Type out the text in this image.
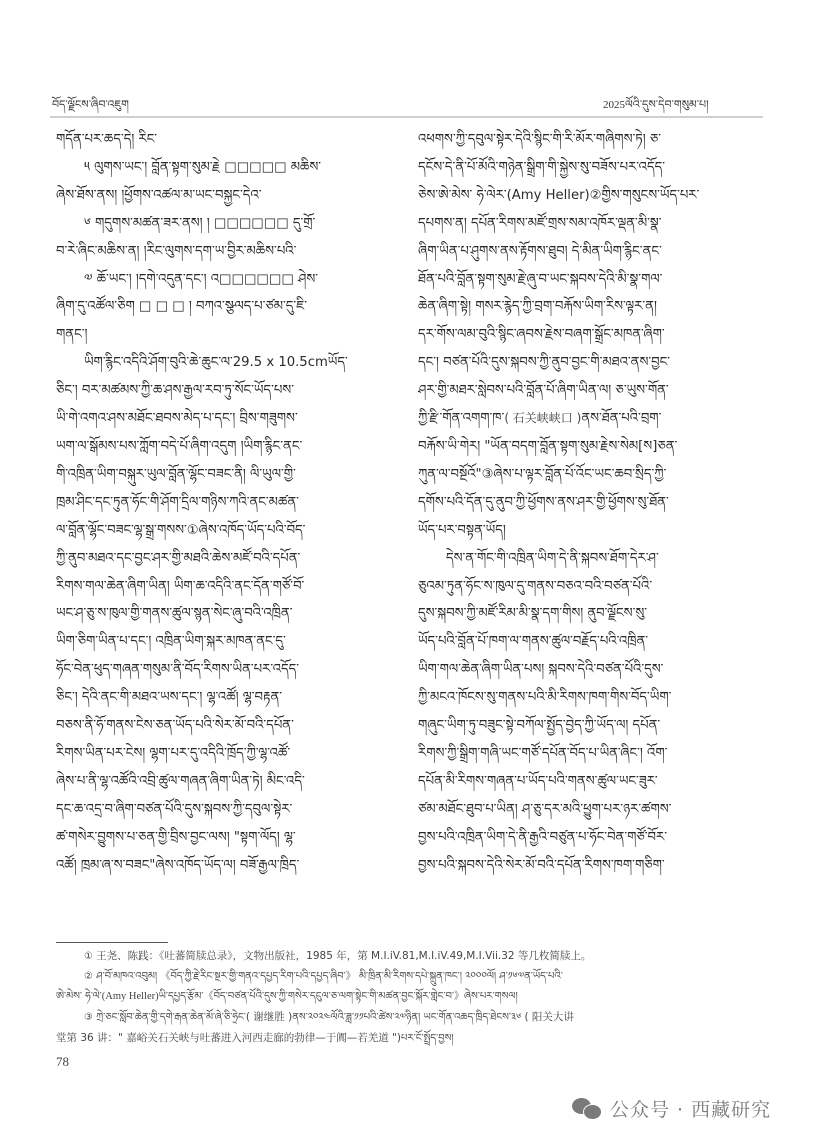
བོད་ལྗོངས་ཞིབ་འཇུག	2025ལོའི་དུས་དེབ་གསུམ་པ།
གདོན་པར་ཆད་དེ། རིང་
༥ ལུགས་ཡང་། བློན་སྟག་སུམ་རྗེ □□□□□ མཆིས་
ཞེས་ཐོས་ནས། །ཕྱོགས་འཚལ་མ་ཡང་བསྐྱང་དེའ་
༦ གདུགས་མཚན་ཟར་ནས། ། □□□□□□ དུ་གྲོ་
བ་རེ་ཞིང་མཆིས་ན། །རིང་ལུགས་དག་ཡ་བྱིར་མཆིས་པའི་
༧ ཆོ་ཡང་། །དགེ་འདུན་དང་། འ□□□□□□ ཤེས་
ཞིག་དུ་འཚོལ་ཅིག □ □ □ ། བཀའ་སྩལད་པ་ཙམ་དུ་ཇི་
གནང་།
ཡིག་རྙིང་འདིའི་ཤོག་བུའི་ཆེ་ཆུང་ལ་29.5 x 10.5cmཡོད་
ཅིང་། བར་མཚམས་ཀྱི་ཆ་ཤས་རྒྱལ་རབ་ཏུ་སོང་ཡོད་པས་
ཡི་གེ་འགའ་ཤས་མཐོང་ཐབས་མེད་པ་དང་། བྲིས་གཟུགས་
ཡག་ལ་སྒོམས་པས་ཀློག་བདེ་པོ་ཞིག་འདུག །ཡིག་རྙིང་ནང་
གི་འཁྲིན་ཡིག་བསྐུར་ཡུལ་བློན་ལྷོང་བཟང་ནི། ལི་ཡུལ་གྱི་
ཁྲམ་ཤིང་དང་ཏུན་ཧོང་གི་ཤོག་དྲིལ་གཉིས་ཀའི་ནང་མཚན་
ལ་བློན་ལྷོང་བཟང་ལྷ་སྒྲ་གསས་①ཞེས་འཁོད་ཡོད་པའི་བོད་
ཀྱི་ནུབ་མཐའ་དང་བྱང་ཤར་གྱི་མཐའི་ཆེས་མཛོ་བའི་དཔོན་
རིགས་གལ་ཆེན་ཞིག་ཡིན། ཡིག་ཆ་འདིའི་ནང་དོན་གཙོ་བོ་
ཡང་ཤ་ཅུ་ས་ཁུལ་གྱི་གནས་ཚུལ་སྙན་སེང་ཞུ་བའི་འཁྲིན་
ཡིག་ཅིག་ཡིན་པ་དང་། འཁྲིན་ཡིག་སྐར་མཁན་ནང་དུ་
ཧོང་བེན་ཕུད་གཞན་གསུམ་ནི་བོད་རིགས་ཡིན་པར་འདོད་
ཅིང་། དེའི་ནང་གི་མཐའ་ཡས་དང་། ལྷ་འཚོ། ལྷ་བརྟན་
བཅས་ནི་ཧོ་གནས་ངེས་ཅན་ཡོད་པའི་སེར་མོ་བའི་དཔོན་
རིགས་ཡིན་པར་ངེས། ལྷག་པར་དུ་འདིའི་ཁྲོད་ཀྱི་ལྷ་འཚོ་
ཞེས་པ་ནི་ལྷ་འཚོའི་འབྲི་ཚུལ་གཞན་ཞིག་ཡིན་ཏེ། མིང་འདི་
དང་ཆ་འདྲ་བ་ཞིག་བཙན་པོའི་དུས་སྐབས་ཀྱི་དབུལ་སྟེར་
ཚ་གསེར་བྱུགས་པ་ཅན་གྱི་བྲིས་བྱང་ལས། "སྟག་ལོད། ལྷ་
འཚོ། ཁྲམ་ཞ་ས་བཟང"ཞེས་འཁོད་ཡོད་ལ། བཟོ་རྒྱལ་ཁྲིད་
འཕགས་ཀྱི་དབུལ་སྟེར་དེའི་སྙིང་གི་རི་མོར་གཞིགས་ཏེ། ཅ་
དངོས་དེ་ནི་པོ་མོའི་གཉེན་སྒྲིག་གི་སྐྱེས་སུ་བཟོས་པར་འདོད་
ཅེས་ཨེ་མེས་ ཧེ་ལེར་(Amy Heller)②གྱིས་གསུངས་ཡོད་པར་
དཔགས་ན། དཔོན་རིགས་མཛོ་གྲས་སམ་འཁོར་ལྡན་མི་སྣ་
ཞིག་ཡིན་པ་ཤུགས་ནས་རྟོགས་ཐུབ། དེ་མིན་ཡིག་རྙིང་ནང་
ཐོན་པའི་བློན་སྟག་སུམ་རྗེ་ཞུ་བ་ཡང་སྐབས་དེའི་མི་སྣ་གལ་
ཆེན་ཞིག་སྟེ། གསར་རྙེད་ཀྱི་བྲག་བརྐོས་ཡིག་རིས་ལྟར་ན།
དར་གོས་ལམ་བུའི་སྙིང་ཞབས་རྗེས་བཞག་སྒྲོང་མཁན་ཞིག་
དང་། བཙན་པོའི་དུས་སྐབས་ཀྱི་ནུབ་བྱང་གི་མཐའ་ནས་བྱང་
ཤར་གྱི་མཐར་སླེབས་པའི་བློན་པོ་ཞིག་ཡིན་ལ། ཅ་ཡུས་གོན་
ཀྱི་རྫི་གོན་འགག་ཁ་( 石关峡峡口 )ནས་ཐོན་པའི་བྲག་
བརྐོས་ཡི་གེར། "ཡོན་བདག་བློན་སྟག་སུམ་རྗེས་སེམ[ས]ཅན་
ཀུན་ལ་བསྔོའོ"③ཞེས་པ་ལྟར་བློན་པོ་འོང་ཡང་ཆབ་སྲིད་ཀྱི་
དགོས་པའི་དོན་དུ་ནུབ་ཀྱི་ཕྱོགས་ནས་ཤར་གྱི་ཕྱོགས་སུ་ཐོན་
ཡོད་པར་བསྟན་ཡོད།
དེས་ན་གོང་གི་འཁྲིན་ཡིག་དེ་ནི་སྐབས་ཐོག་དེར་ཤ་
ཅུའམ་ཏུན་ཧོང་ས་ཁུལ་དུ་གནས་བཅའ་བའི་བཙན་པོའི་
དུས་སྐབས་ཀྱི་མཛོ་རིམ་མི་སྣ་དག་གིས། ནུབ་ལྗོངས་སུ་
ཡོད་པའི་བློན་པོ་ཁག་ལ་གནས་ཚུལ་བརྗོད་པའི་འཁྲིན་
ཡིག་གལ་ཆེན་ཞིག་ཡིན་པས། སྐབས་དེའི་བཙན་པོའི་དུས་
ཀྱི་མངའ་ཁོངས་སུ་གནས་པའི་མི་རིགས་ཁག་གིས་བོད་ཡིག་
གཞུང་ཡིག་ཏུ་བཟུང་སྟེ་བཀོལ་སྤྱོད་བྱེད་ཀྱི་ཡོད་ལ། དཔོན་
རིགས་ཀྱི་སྒྲིག་གཞི་ཡང་གཙོ་དཔོན་བོད་པ་ཡིན་ཞིང་། འོག་
དཔོན་མི་རིགས་གཞན་པ་ཡོད་པའི་གནས་ཚུལ་ཡང་ཟུར་
ཙམ་མཐོང་ཐུབ་པ་ཡིན། ཤ་ཅུ་དར་མའི་ཕྱུག་པར་ཉར་ཚགས་
བྱས་པའི་འཁྲིན་ཡིག་དེ་ནི་རྒྱའི་བཙུན་པ་ཧོང་བེན་གཙོ་བོར་
བྱས་པའི་སྐབས་དེའི་སེར་མོ་བའི་དཔོན་རིགས་ཁག་གཅིག་
① 王尧、陈践：《吐蕃简牍总录》，文物出版社，1985 年，第 M.I.iV.81,M.I.iV.49,M.I.Vii.32 等几枚简牍上。
② ཤ་བོ་མཁའ་འབུམ། 《བོད་ཀྱི་རྗེ་རིང་སྔར་གྱི་གནའ་དཔྱད་རིག་པའི་དཔྱད་ཞིབ་》 མི་ཁྲིན་མི་རིགས་དཔེ་སྐྲུན་ཁང་། ༢༠༠༠ལོ། ཤ་༡༦༧ན་ཡོད་པའི་
ཨེ་མེས་ ཧེ་ལེ་(Amy Heller)ཡི་དཔྱད་རྩོམ་《བོད་བཙན་པོའི་དུས་ཀྱི་གསེར་དངུལ་ཅ་ལག་སྟེང་གི་མཚན་བྱང་སྐོར་གླེང་བ་》ཞེས་པར་གསལ།
③ ཀྲེ་ཅང་སློབ་ཆེན་གྱི་དགེ་རྒན་ཆེན་མོ་ཞེ་ཅི་ཧྲེང་( 谢继胜 )ནས་༢༠༢༤ལོའི་ཟླ་༡༡པའི་ཚེས་༢༧ཉིན། ཡང་གོན་འཆད་ཁྲིད་ཐེངས་༣༦ ( 阳关大讲
堂第 36 讲：" 嘉峪关石关峡与吐蕃进入河西走廊的勃律—于阗—若羌道 ")པར་ངོ་སྤྲོད་བྱས།
78
公众号 · 西藏研究
